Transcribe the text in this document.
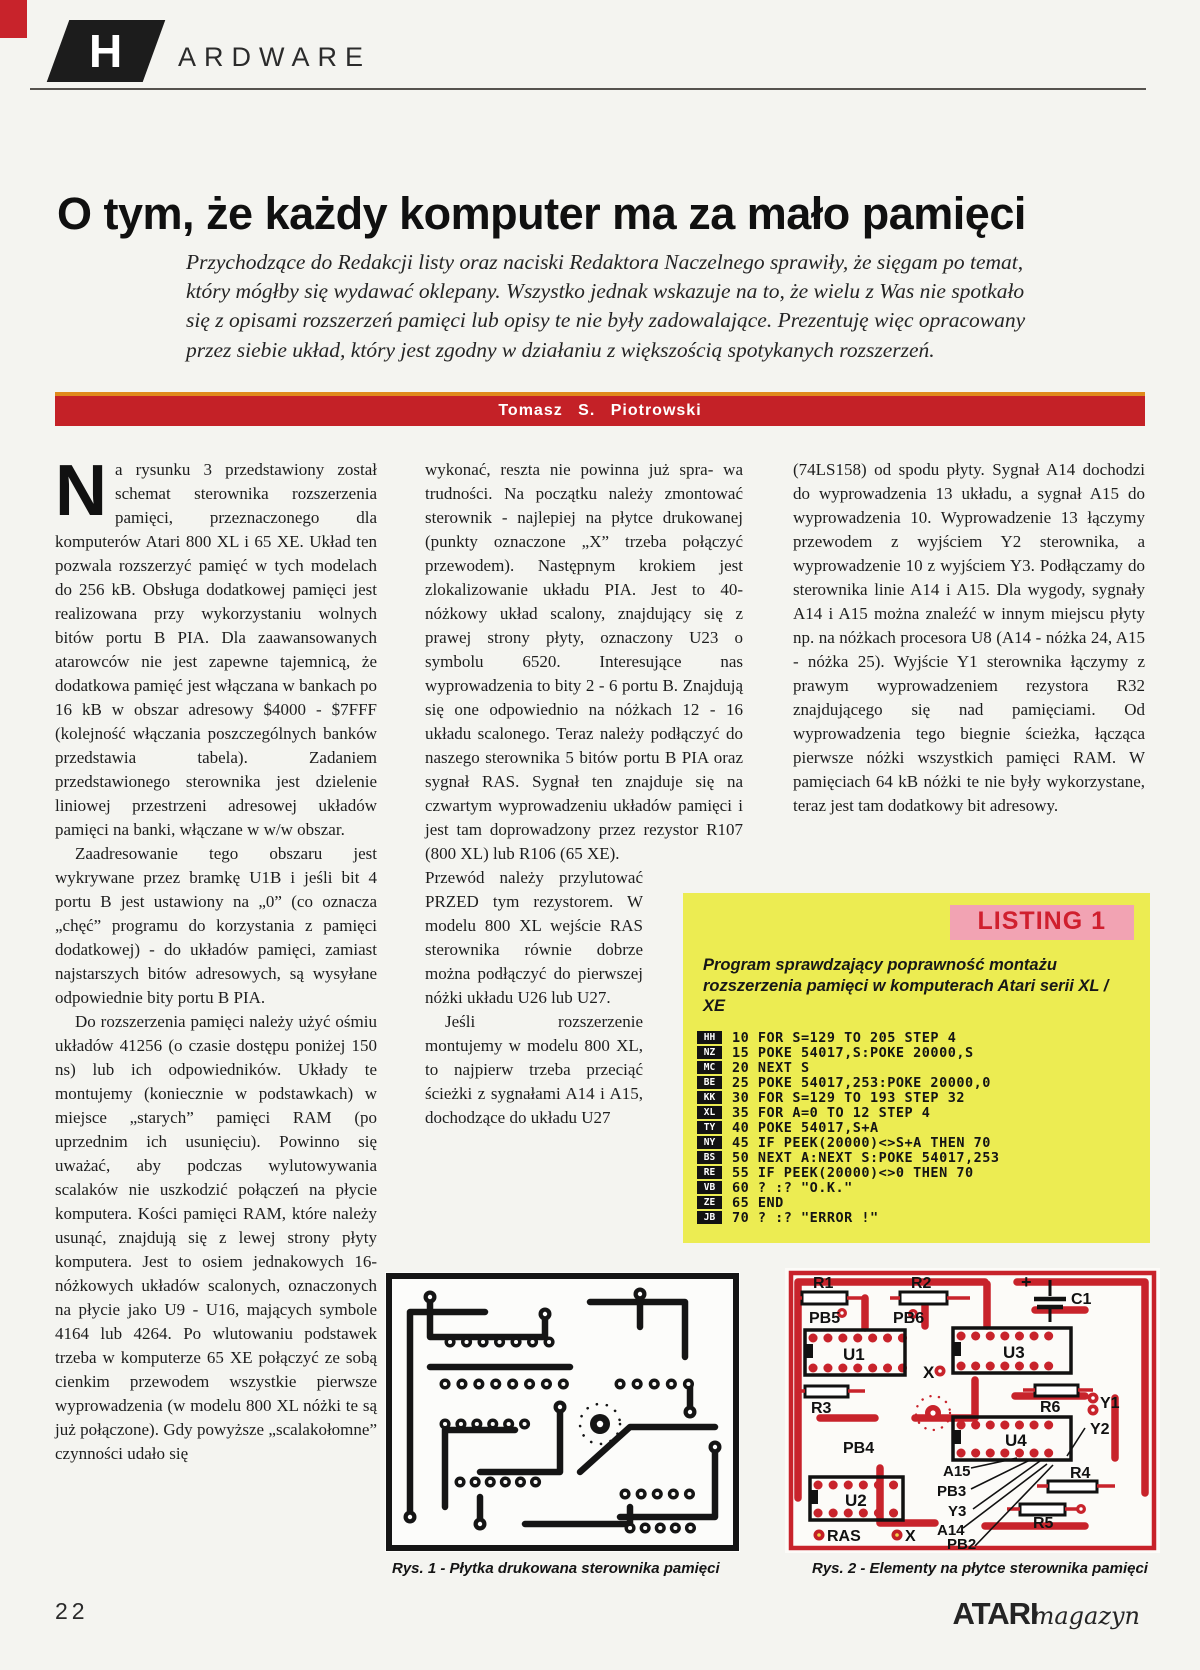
H ARDWARE
O tym, że każdy komputer ma za mało pamięci
Przychodzące do Redakcji listy oraz naciski Redaktora Naczelnego sprawiły, że sięgam po temat, który mógłby się wydawać oklepany. Wszystko jednak wskazuje na to, że wielu z Was nie spotkało się z opisami rozszerzeń pamięci lub opisy te nie były zadowalające. Prezentuję więc opracowany przez siebie układ, który jest zgodny w działaniu z większością spotykanych rozszerzeń.
Tomasz S. Piotrowski

Na rysunku 3 przedstawiony został schemat sterownika rozszerzenia pamięci, przeznaczonego dla komputerów Atari 800 XL i 65 XE. Układ ten pozwala rozszerzyć pamięć w tych modelach do 256 kB. Obsługa dodatkowej pamięci jest realizowana przy wykorzystaniu wolnych bitów portu B PIA. Dla zaawansowanych atarowców nie jest zapewne tajemnicą, że dodatkowa pamięć jest włączana w bankach po 16 kB w obszar adresowy $4000 - $7FFF (kolejność włączania poszczególnych banków przedstawia tabela). Zadaniem przedstawionego sterownika jest dzielenie liniowej przestrzeni adresowej układów pamięci na banki, włączane w w/w obszar.

Zaadresowanie tego obszaru jest wykrywane przez bramkę U1B i jeśli bit 4 portu B jest ustawiony na „0” (co oznacza „chęć” programu do korzystania z pamięci dodatkowej) - do układów pamięci, zamiast najstarszych bitów adresowych, są wysyłane odpowiednie bity portu B PIA.

Do rozszerzenia pamięci należy użyć ośmiu układów 41256 (o czasie dostępu poniżej 150 ns) lub ich odpowiedników. Układy te montujemy (koniecznie w podstawkach) w miejsce „starych” pamięci RAM (po uprzednim ich usunięciu). Powinno się uważać, aby podczas wylutowywania scalaków nie uszkodzić połączeń na płycie komputera. Kości pamięci RAM, które należy usunąć, znajdują się z lewej strony płyty komputera. Jest to osiem jednakowych 16-nóżkowych układów scalonych, oznaczonych na płycie jako U9 - U16, mających symbole 4164 lub 4264. Po wlutowaniu podstawek trzeba w komputerze 65 XE połączyć ze sobą cienkim przewodem wszystkie pierwsze wyprowadzenia (w modelu 800 XL nóżki te są już połączone). Gdy powyższe „scalakołomne” czynności udało się

wykonać, reszta nie powinna już spra- wa trudności. Na początku należy zmontować sterownik - najlepiej na płytce drukowanej (punkty oznaczone „X” trzeba połączyć przewodem). Następnym krokiem jest zlokalizowanie układu PIA. Jest to 40-nóżkowy układ scalony, znajdujący się z prawej strony płyty, oznaczony U23 o symbolu 6520. Interesujące nas wyprowadzenia to bity 2 - 6 portu B. Znajdują się one odpowiednio na nóżkach 12 - 16 układu scalonego. Teraz należy podłączyć do naszego sterownika 5 bitów portu B PIA oraz sygnał RAS. Sygnał ten znajduje się na czwartym wyprowadzeniu układów pamięci i jest tam doprowadzony przez rezystor R107 (800 XL) lub R106 (65 XE).

Przewód należy przylutować PRZED tym rezystorem. W modelu 800 XL wejście RAS sterownika równie dobrze można podłączyć do pierwszej nóżki układu U26 lub U27.

Jeśli rozszerzenie montujemy w modelu 800 XL, to najpierw trzeba przeciąć ścieżki z sygnałami A14 i A15, dochodzące do układu U27

(74LS158) od spodu płyty. Sygnał A14 dochodzi do wyprowadzenia 13 układu, a sygnał A15 do wyprowadzenia 10. Wyprowadzenie 13 łączymy przewodem z wyjściem Y2 sterownika, a wyprowadzenie 10 z wyjściem Y3. Podłączamy do sterownika linie A14 i A15. Dla wygody, sygnały A14 i A15 można znaleźć w innym miejscu płyty np. na nóżkach procesora U8 (A14 - nóżka 24, A15 - nóżka 25). Wyjście Y1 sterownika łączymy z prawym wyprowadzeniem rezystora R32 znajdującego się nad pamięciami. Od wyprowadzenia tego biegnie ścieżka, łącząca pierwsze nóżki wszystkich pamięci RAM. W pamięciach 64 kB nóżki te nie były wykorzystane, teraz jest tam dodatkowy bit adresowy.

LISTING 1
Program sprawdzający poprawność montażu rozszerzenia pamięci w komputerach Atari serii XL / XE
HH	10 FOR S=129 TO 205 STEP 4
NZ	15 POKE 54017,S:POKE 20000,S
MC	20 NEXT S
BE	25 POKE 54017,253:POKE 20000,0
KK	30 FOR S=129 TO 193 STEP 32
XL	35 FOR A=0 TO 12 STEP 4
TY	40 POKE 54017,S+A
NY	45 IF PEEK(20000)<>S+A THEN 70
BS	50 NEXT A:NEXT S:POKE 54017,253
RE	55 IF PEEK(20000)<>0 THEN 70
VB	60 ? :? "O.K."
ZE	65 END
JB	70 ? :? "ERROR !"
U1	U3
U4
U2
+
R1	R2
C1
PB5	PB6
X
R3	R6 Y1
PB4
Y2
A15
PB3
Y3
A14
R4
R5
RAS	X PB2
Rys. 1 - Płytka drukowana sterownika pamięci	Rys. 2 - Elementy na płytce sterownika pamięci
22	ATARI
magazyn
